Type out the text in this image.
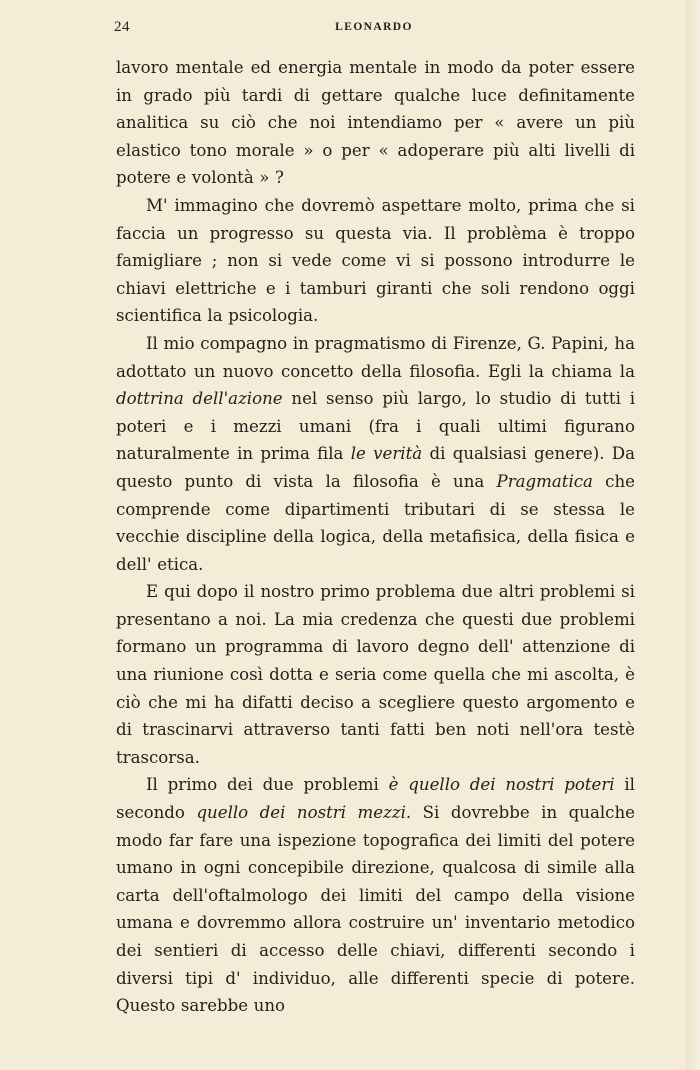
24	LEONARDO

lavoro mentale ed energia mentale in modo da poter essere in grado più tardi di gettare qualche luce definitamente analitica su ciò che noi intendiamo per « avere un più elastico tono morale » o per « adoperare più alti livelli di potere e volontà » ?

M' immagino che dovremò aspettare molto, prima che si faccia un progresso su questa via. Il problèma è troppo famigliare ; non si vede come vi si possono introdurre le chiavi elettriche e i tamburi giranti che soli rendono oggi scientifica la psicologia.

Il mio compagno in pragmatismo di Firenze, G. Papini, ha adottato un nuovo concetto della filosofia. Egli la chiama la dottrina dell'azione nel senso più largo, lo studio di tutti i poteri e i mezzi umani (fra i quali ultimi figurano naturalmente in prima fila le verità di qualsiasi genere). Da questo punto di vista la filosofia è una Pragmatica che comprende come dipartimenti tributari di se stessa le vecchie discipline della logica, della metafisica, della fisica e dell' etica.

E qui dopo il nostro primo problema due altri problemi si presentano a noi. La mia credenza che questi due problemi formano un programma di lavoro degno dell' attenzione di una riunione così dotta e seria come quella che mi ascolta, è ciò che mi ha difatti deciso a scegliere questo argomento e di trascinarvi attraverso tanti fatti ben noti nell'ora testè trascorsa.

Il primo dei due problemi è quello dei nostri poteri il secondo quello dei nostri mezzi. Si dovrebbe in qualche modo far fare una ispezione topografica dei limiti del potere umano in ogni concepibile direzione, qualcosa di simile alla carta dell'oftalmologo dei limiti del campo della visione umana e dovremmo allora costruire un' inventario metodico dei sentieri di accesso delle chiavi, differenti secondo i diversi tipi d' individuo, alle differenti specie di potere. Questo sarebbe uno
